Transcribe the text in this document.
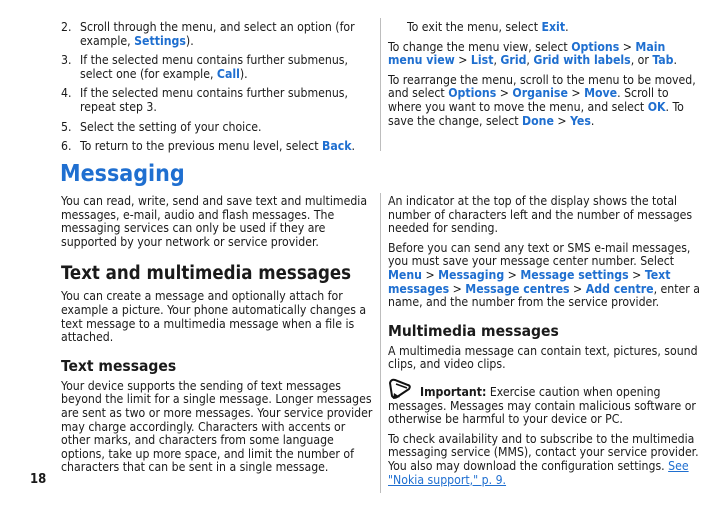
2. Scroll through the menu, and select an option (for example, Settings).
3. If the selected menu contains further submenus, select one (for example, Call).
4. If the selected menu contains further submenus, repeat step 3.
5. Select the setting of your choice.
6. To return to the previous menu level, select Back.

To exit the menu, select Exit.

To change the menu view, select Options > Main menu view > List, Grid, Grid with labels, or Tab.

To rearrange the menu, scroll to the menu to be moved, and select Options > Organise > Move. Scroll to where you want to move the menu, and select OK. To save the change, select Done > Yes.

Messaging

You can read, write, send and save text and multimedia messages, e-mail, audio and flash messages. The messaging services can only be used if they are supported by your network or service provider.

Text and multimedia messages

You can create a message and optionally attach for example a picture. Your phone automatically changes a text message to a multimedia message when a file is attached.

Text messages

Your device supports the sending of text messages beyond the limit for a single message. Longer messages are sent as two or more messages. Your service provider may charge accordingly. Characters with accents or other marks, and characters from some language options, take up more space, and limit the number of characters that can be sent in a single message.

An indicator at the top of the display shows the total number of characters left and the number of messages needed for sending.

Before you can send any text or SMS e-mail messages, you must save your message center number. Select Menu > Messaging > Message settings > Text messages > Message centres > Add centre, enter a name, and the number from the service provider.

Multimedia messages

A multimedia message can contain text, pictures, sound clips, and video clips.

Important: Exercise caution when opening messages. Messages may contain malicious software or otherwise be harmful to your device or PC.

To check availability and to subscribe to the multimedia messaging service (MMS), contact your service provider. You also may download the configuration settings. See "Nokia support," p. 9.

18
